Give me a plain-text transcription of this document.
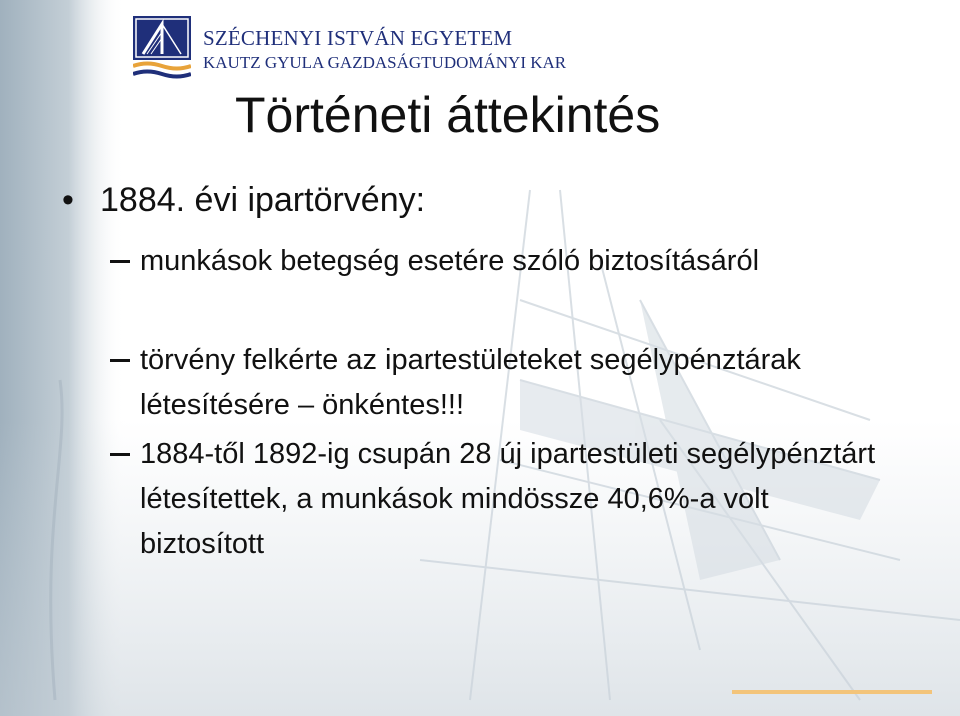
SZÉCHENYI ISTVÁN EGYETEM
KAUTZ GYULA GAZDASÁGTUDOMÁNYI KAR
Történeti áttekintés
• 1884. évi ipartörvény:
munkások betegség esetére szóló biztosításáról
törvény felkérte az ipartestületeket segélypénztárak létesítésére – önkéntes!!!
1884-től 1892-ig csupán 28 új ipartestületi segélypénztárt létesítettek, a munkások mindössze 40,6%-a volt biztosított
